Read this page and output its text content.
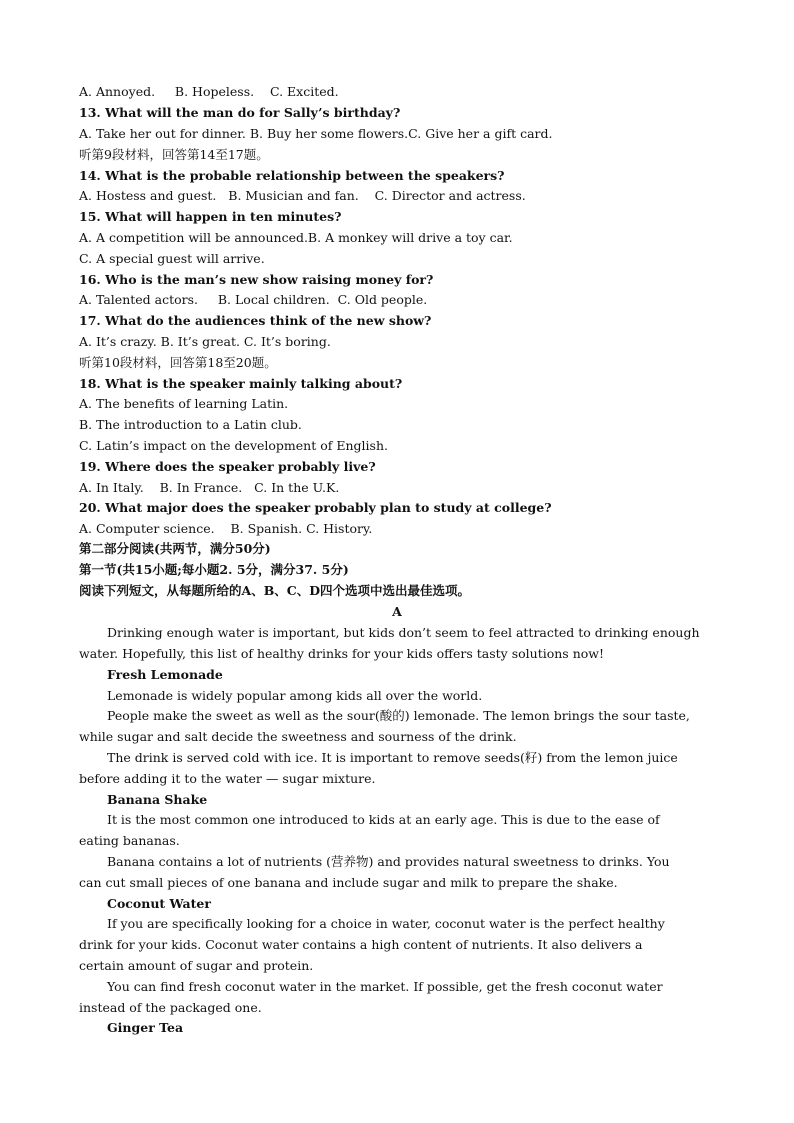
A. Annoyed.     B. Hopeless.    C. Excited.
13. What will the man do for Sally’s birthday?
A. Take her out for dinner. B. Buy her some flowers.C. Give her a gift card.
听第9段材料，回答第14至17题。
14. What is the probable relationship between the speakers?
A. Hostess and guest.   B. Musician and fan.    C. Director and actress.
15. What will happen in ten minutes?
A. A competition will be announced.B. A monkey will drive a toy car.
C. A special guest will arrive.
16. Who is the man’s new show raising money for?
A. Talented actors.     B. Local children.  C. Old people.
17. What do the audiences think of the new show?
A. It’s crazy. B. It’s great. C. It’s boring.
听第10段材料，回答第18至20题。
18. What is the speaker mainly talking about?
A. The benefits of learning Latin.
B. The introduction to a Latin club.
C. Latin’s impact on the development of English.
19. Where does the speaker probably live?
A. In Italy.    B. In France.   C. In the U.K.
20. What major does the speaker probably plan to study at college?
A. Computer science.    B. Spanish. C. History.
第二部分阅读(共两节，满分50分)
第一节(共15小题;每小题2. 5分，满分37. 5分)
阅读下列短文，从每题所给的A、B、C、D四个选项中选出最佳选项。
A
Drinking enough water is important, but kids don’t seem to feel attracted to drinking enough
water. Hopefully, this list of healthy drinks for your kids offers tasty solutions now!
Fresh Lemonade
Lemonade is widely popular among kids all over the world.
People make the sweet as well as the sour(酸的) lemonade. The lemon brings the sour taste,
while sugar and salt decide the sweetness and sourness of the drink.
The drink is served cold with ice. It is important to remove seeds(籽) from the lemon juice
before adding it to the water — sugar mixture.
Banana Shake
It is the most common one introduced to kids at an early age. This is due to the ease of
eating bananas.
Banana contains a lot of nutrients (营养物) and provides natural sweetness to drinks. You
can cut small pieces of one banana and include sugar and milk to prepare the shake.
Coconut Water
If you are specifically looking for a choice in water, coconut water is the perfect healthy
drink for your kids. Coconut water contains a high content of nutrients. It also delivers a
certain amount of sugar and protein.
You can find fresh coconut water in the market. If possible, get the fresh coconut water
instead of the packaged one.
Ginger Tea
